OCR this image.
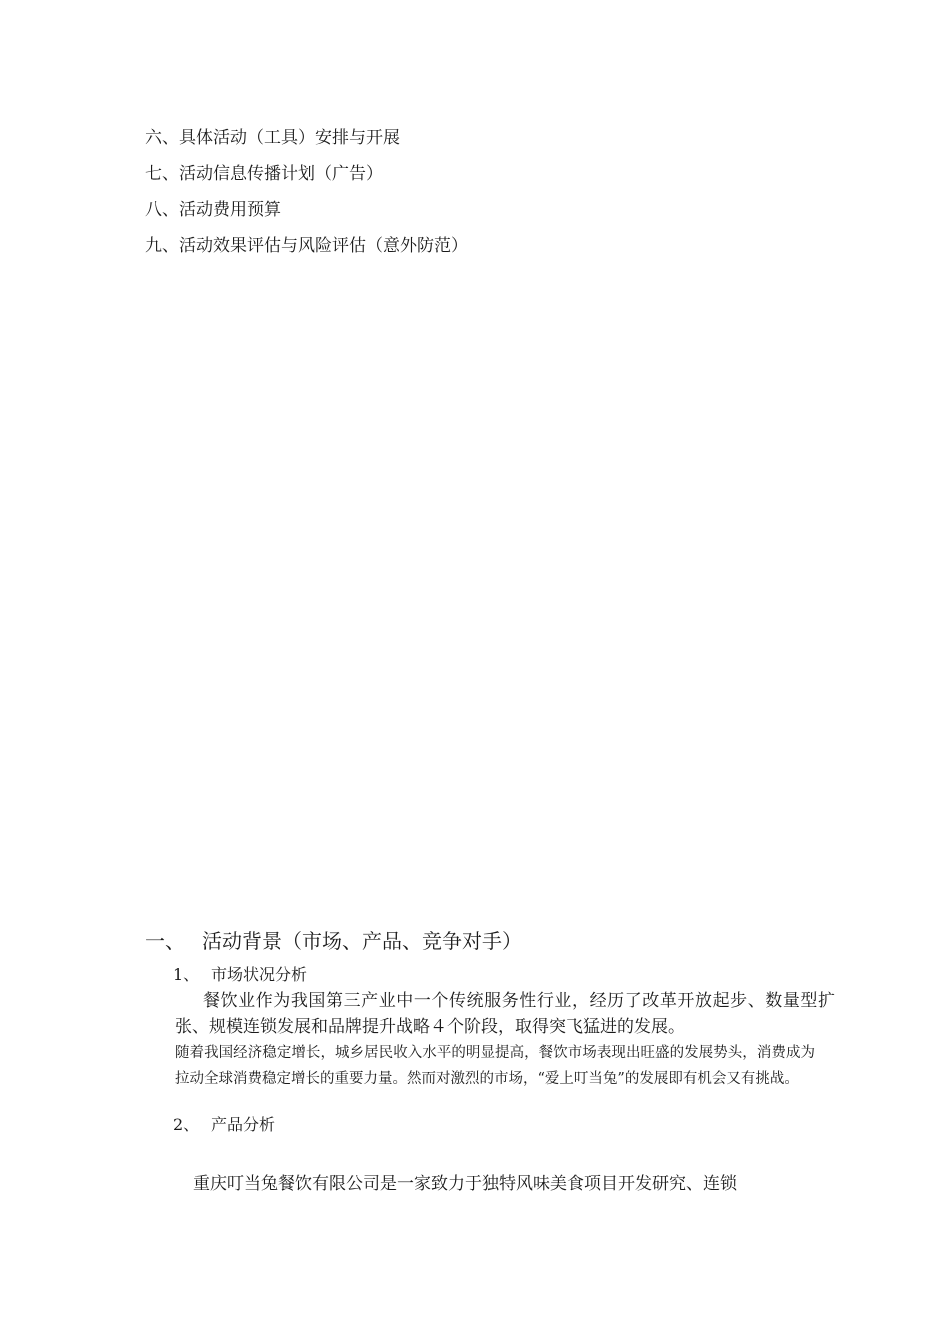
六、具体活动（工具）安排与开展
七、活动信息传播计划（广告）
八、活动费用预算
九、活动效果评估与风险评估（意外防范）
一、 活动背景（市场、产品、竞争对手）
1、 市场状况分析
餐饮业作为我国第三产业中一个传统服务性行业，经历了改革开放起步、数量型扩张、规模连锁发展和品牌提升战略４个阶段，取得突飞猛进的发展。
随着我国经济稳定增长，城乡居民收入水平的明显提高，餐饮市场表现出旺盛的发展势头，消费成为拉动全球消费稳定增长的重要力量。然而对激烈的市场，“爱上叮当兔”的发展即有机会又有挑战。
2、 产品分析
重庆叮当兔餐饮有限公司是一家致力于独特风味美食项目开发研究、连锁
